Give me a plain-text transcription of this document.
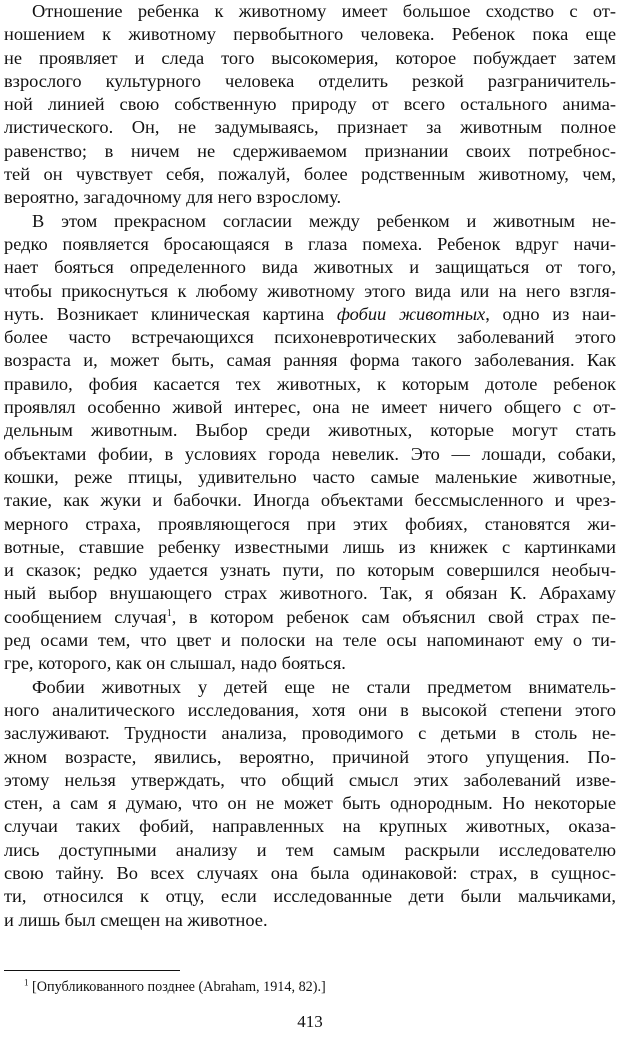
Отношение ребенка к животному имеет большое сходство с от-
ношением к животному первобытного человека. Ребенок пока еще
не проявляет и следа того высокомерия, которое побуждает затем
взрослого культурного человека отделить резкой разграничитель-
ной линией свою собственную природу от всего остального анима-
листического. Он, не задумываясь, признает за животным полное
равенство; в ничем не сдерживаемом признании своих потребнос-
тей он чувствует себя, пожалуй, более родственным животному, чем,
вероятно, загадочному для него взрослому.
В этом прекрасном согласии между ребенком и животным не-
редко появляется бросающаяся в глаза помеха. Ребенок вдруг начи-
нает бояться определенного вида животных и защищаться от того,
чтобы прикоснуться к любому животному этого вида или на него взгля-
нуть. Возникает клиническая картина фобии животных, одно из наи-
более часто встречающихся психоневротических заболеваний этого
возраста и, может быть, самая ранняя форма такого заболевания. Как
правило, фобия касается тех животных, к которым дотоле ребенок
проявлял особенно живой интерес, она не имеет ничего общего с от-
дельным животным. Выбор среди животных, которые могут стать
объектами фобии, в условиях города невелик. Это — лошади, собаки,
кошки, реже птицы, удивительно часто самые маленькие животные,
такие, как жуки и бабочки. Иногда объектами бессмысленного и чрез-
мерного страха, проявляющегося при этих фобиях, становятся жи-
вотные, ставшие ребенку известными лишь из книжек с картинками
и сказок; редко удается узнать пути, по которым совершился необыч-
ный выбор внушающего страх животного. Так, я обязан К. Абрахаму
сообщением случая$^1$, в котором ребенок сам объяснил свой страх пе-
ред осами тем, что цвет и полоски на теле осы напоминают ему о ти-
гре, которого, как он слышал, надо бояться.
Фобии животных у детей еще не стали предметом вниматель-
ного аналитического исследования, хотя они в высокой степени этого
заслуживают. Трудности анализа, проводимого с детьми в столь не-
жном возрасте, явились, вероятно, причиной этого упущения. По-
этому нельзя утверждать, что общий смысл этих заболеваний изве-
стен, а сам я думаю, что он не может быть однородным. Но некоторые
случаи таких фобий, направленных на крупных животных, оказа-
лись доступными анализу и тем самым раскрыли исследователю
свою тайну. Во всех случаях она была одинаковой: страх, в сущнос-
ти, относился к отцу, если исследованные дети были мальчиками,
и лишь был смещен на животное.
$^1$ [Опубликованного позднее (Abraham, 1914, 82).]
413
